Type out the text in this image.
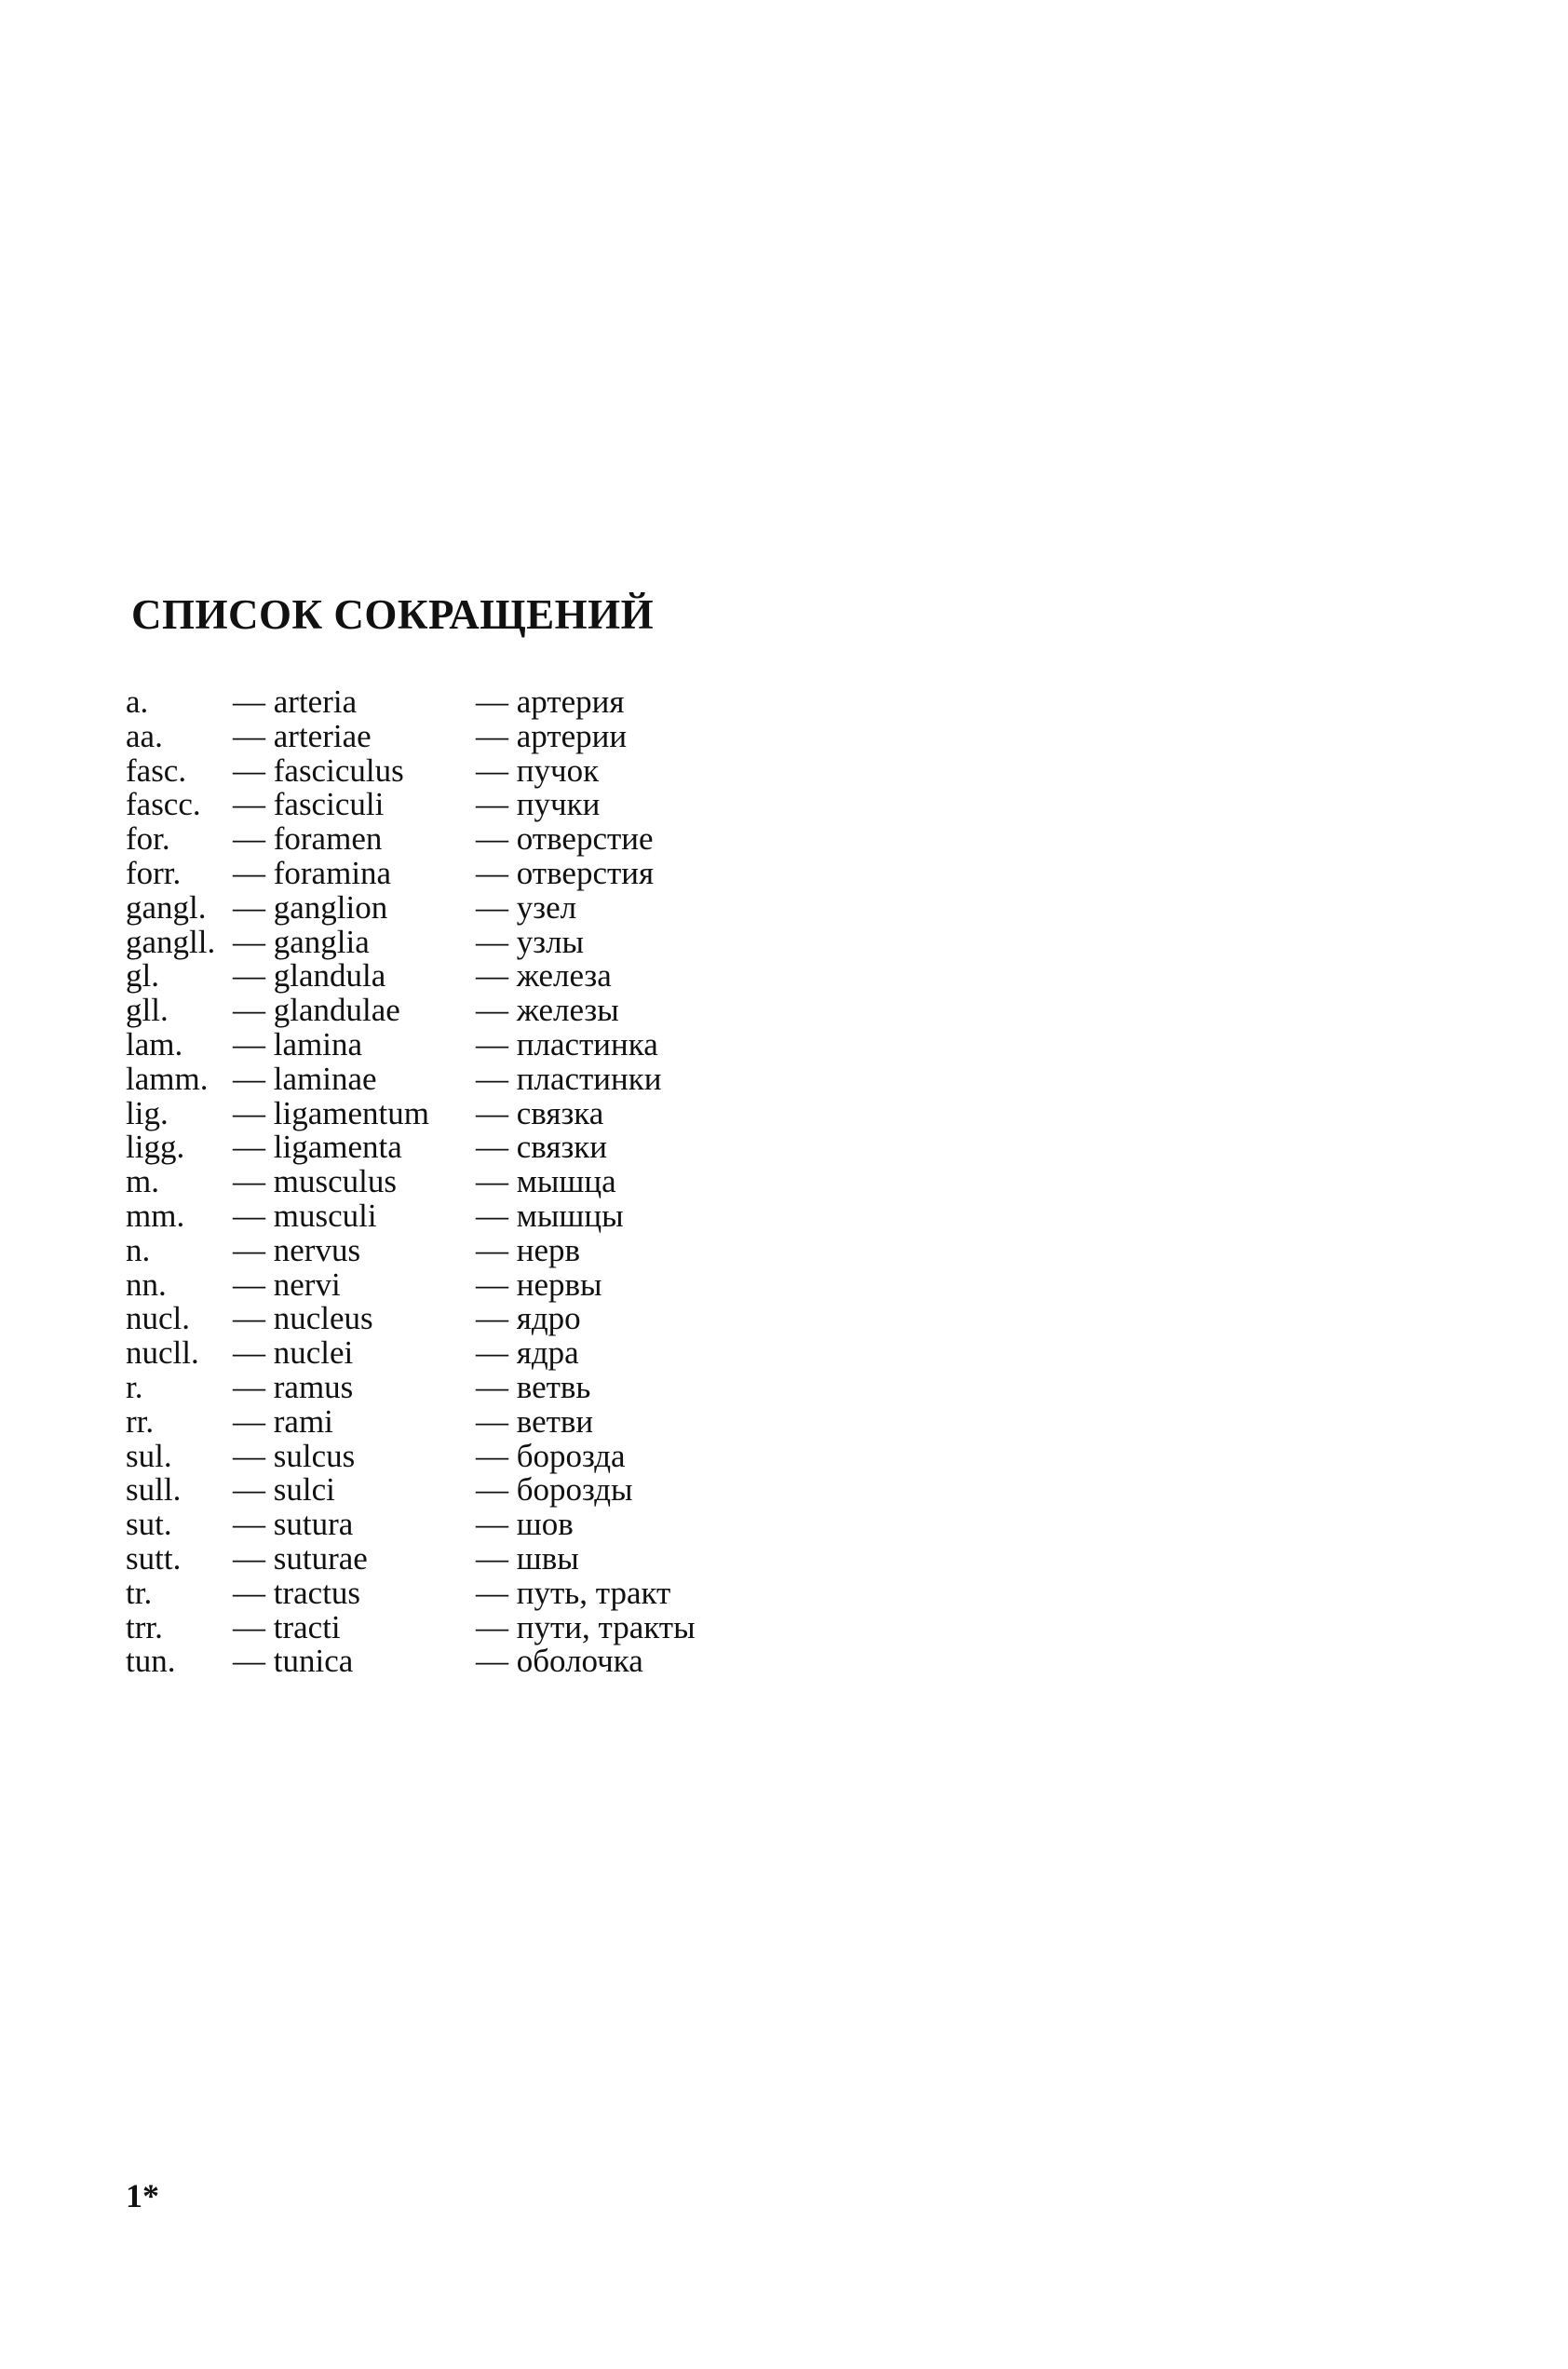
СПИСОК СОКРАЩЕНИЙ
a.	— arteria	— артерия
aa. — arteriae	— артерии
fasc. — fasciculus — пучок
fascc. — fasciculi	— пучки
for. — foramen	— отверстие
forr. — foramina	— отверстия
gangl. — ganglion	— узел
gangll. — ganglia	— узлы
gl. — glandula	— железа
gll. — glandulae — железы
lam. — lamina	— пластинка
lamm. — laminae	— пластинки
lig. — ligamentum — связка
ligg. — ligamenta — связки
m. — musculus — мышца
mm. — musculi	— мышцы
n.	— nervus	— нерв
nn. — nervi	— нервы
nucl. — nucleus	— ядро
nucll. — nuclei	— ядра
r.	— ramus	— ветвь
rr. — rami	— ветви
sul. — sulcus	— борозда
sull. — sulci	— борозды
sut. — sutura	— шов
sutt. — suturae	— швы
tr. — tractus	— путь, тракт
trr. — tracti	— пути, тракты
tun. — tunica	— оболочка
1*
